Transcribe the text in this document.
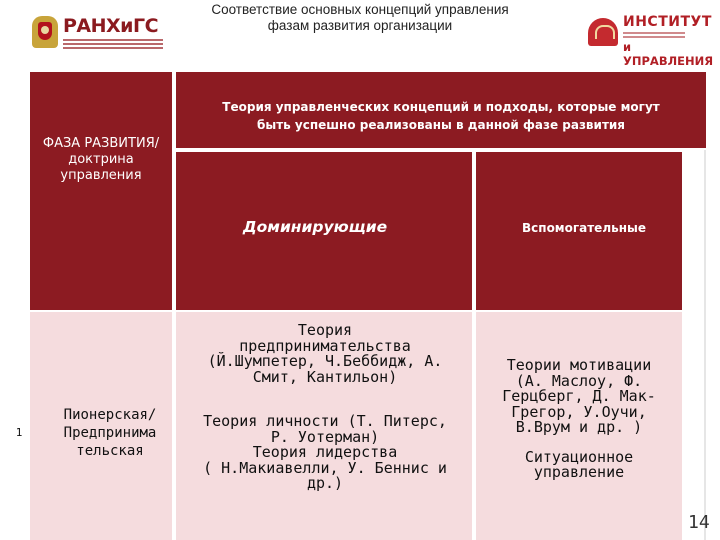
Соответствие основных концепций управления
фазам развития организации
РАНХиГС	ИНСТИТУТ
и УПРАВЛЕНИЯ
ФАЗА РАЗВИТИЯ/доктрина управления
Теория управленческих концепций и подходы, которые могут
быть успешно реализованы в данной фазе развития
Доминирующие	Вспомогательные
1
Пионерская/
Предпринима
тельская
Теория
предпринимательства
(Й.Шумпетер, Ч.Беббидж, А.
Смит, Кантильон)
Теория личности (Т. Питерс,
Р. Уотерман)
Теория лидерства
( Н.Макиавелли, У. Беннис и
др.)
Теории мотивации
(А. Маслоу, Ф.
Герцберг, Д. Мак-
Грегор, У.Оучи,
В.Врум и др. )
Ситуационное
управление
14
